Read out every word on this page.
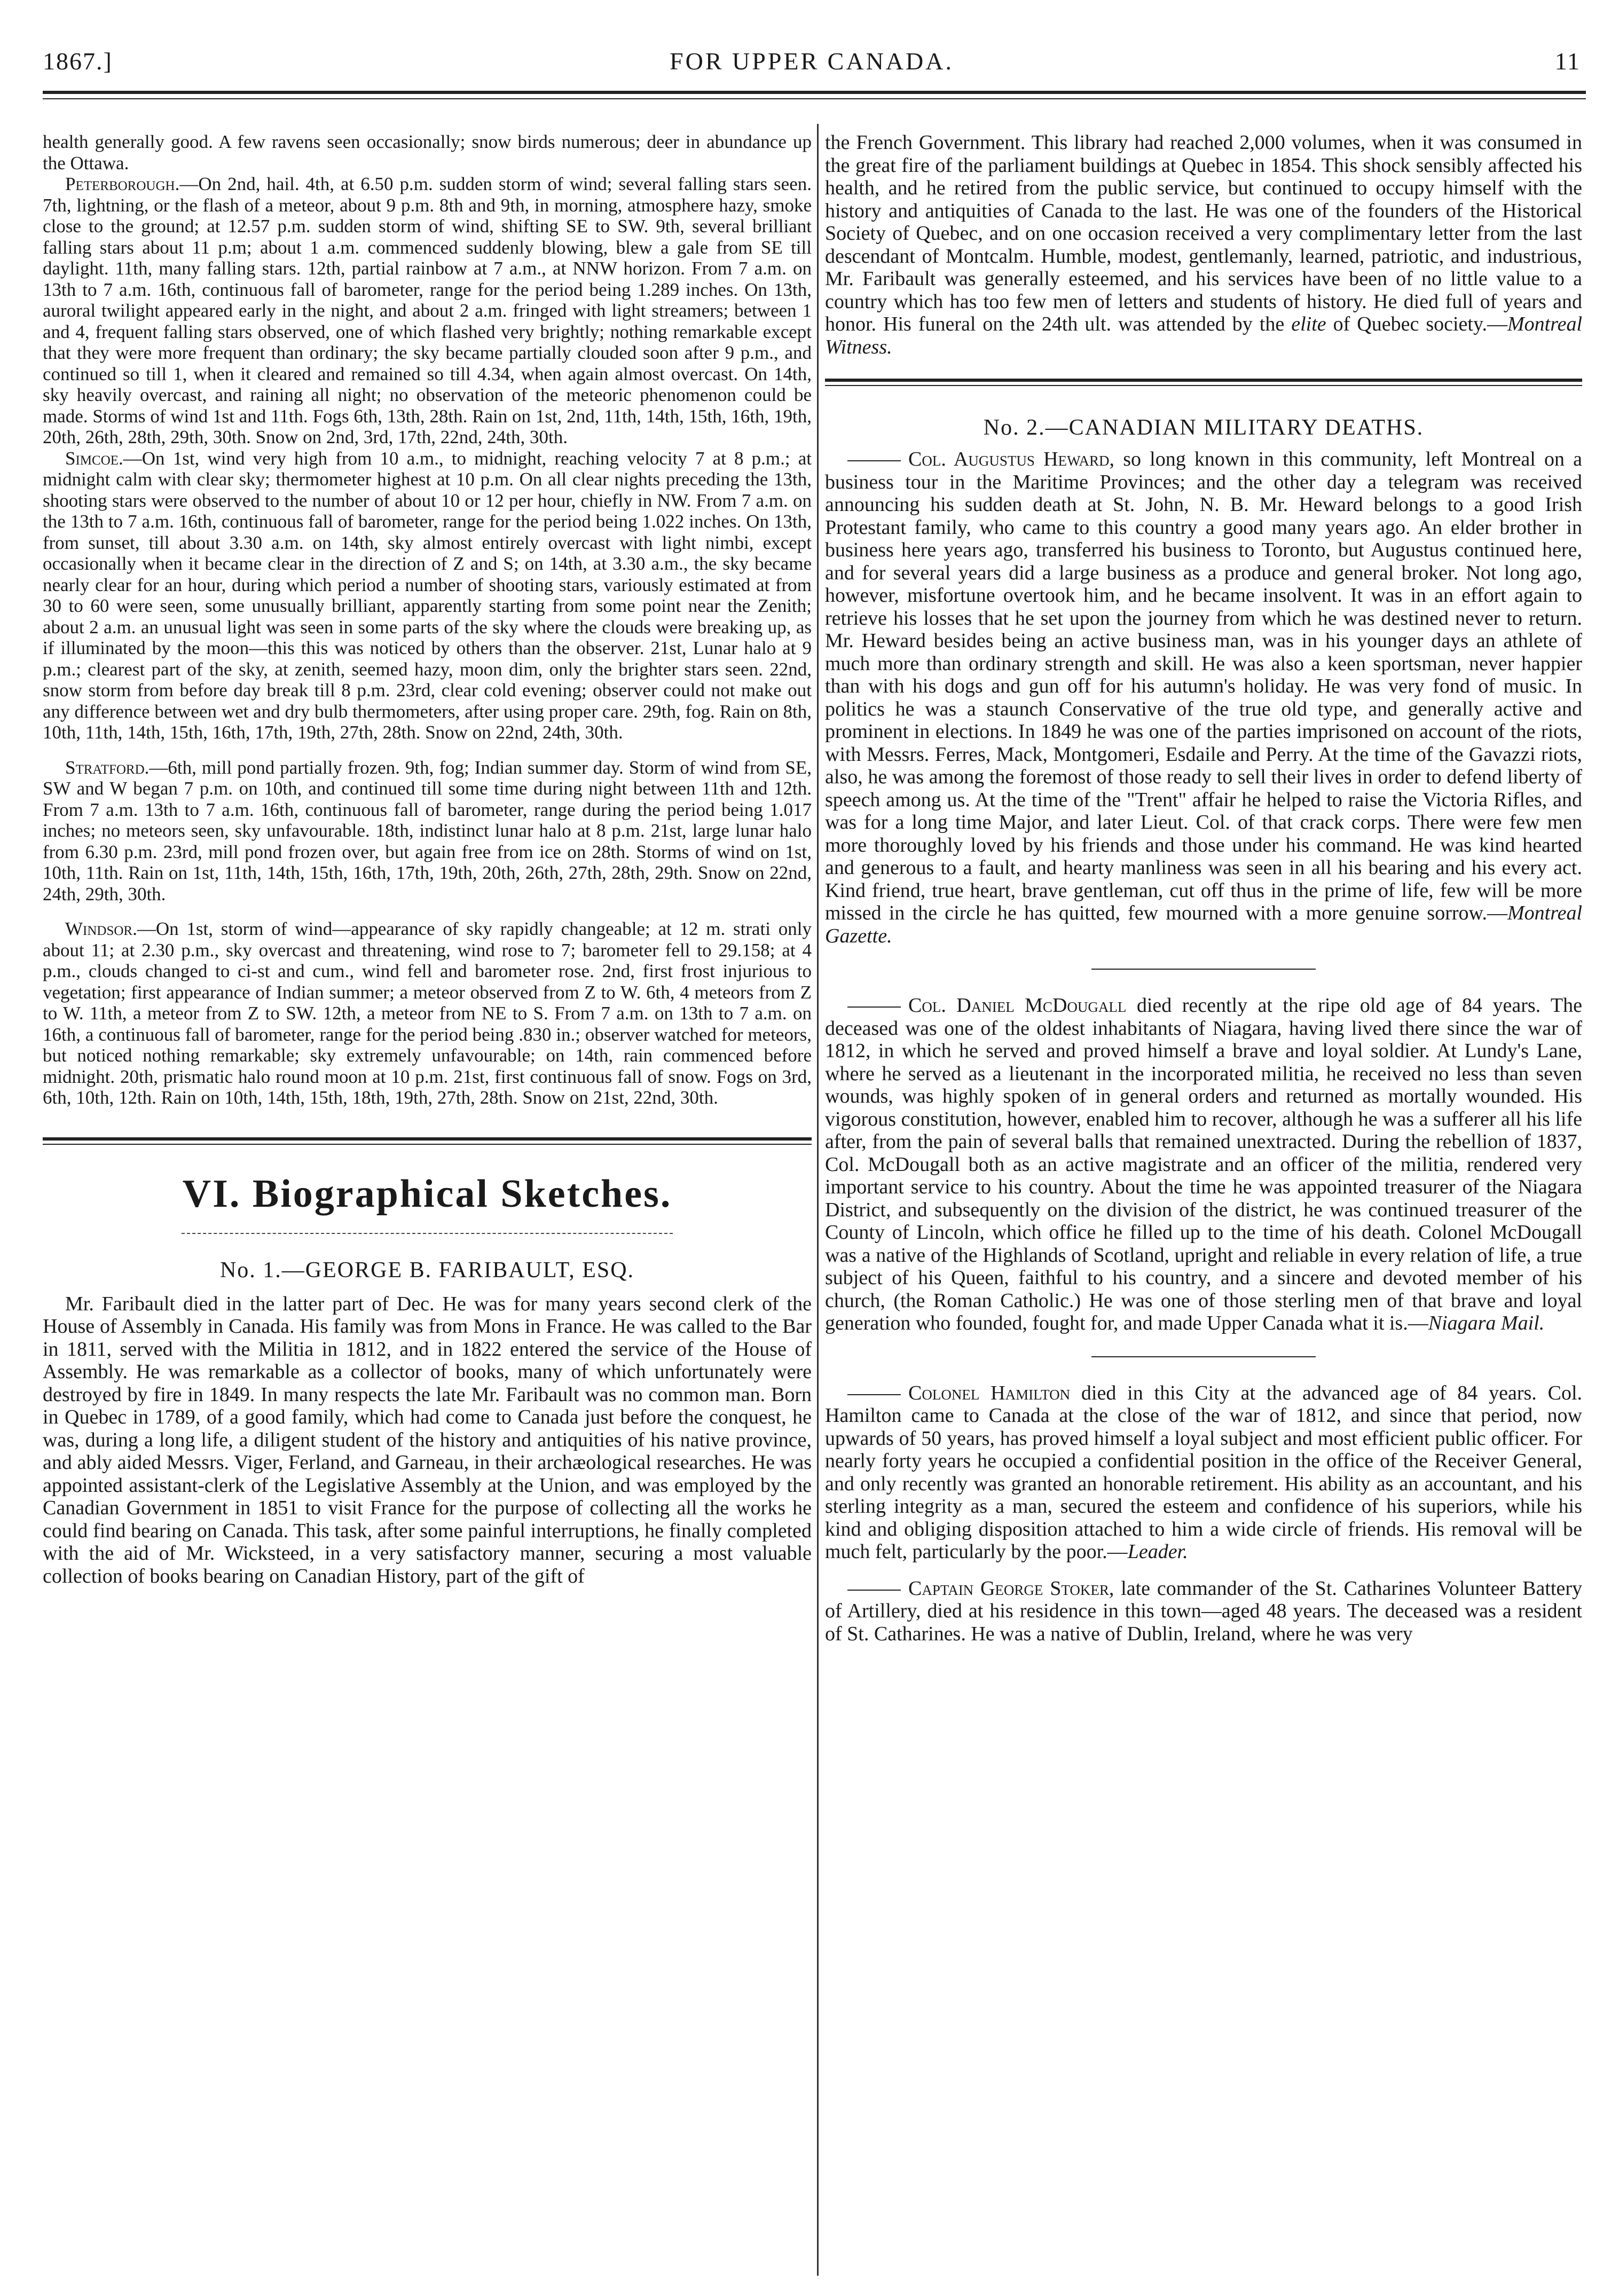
1867.]	FOR UPPER CANADA.	11

health generally good. A few ravens seen occasionally; snow birds numerous; deer in abundance up the Ottawa.

Peterborough.—On 2nd, hail. 4th, at 6.50 p.m. sudden storm of wind; several falling stars seen. 7th, lightning, or the flash of a meteor, about 9 p.m. 8th and 9th, in morning, atmosphere hazy, smoke close to the ground; at 12.57 p.m. sudden storm of wind, shifting SE to SW. 9th, several brilliant falling stars about 11 p.m; about 1 a.m. commenced suddenly blowing, blew a gale from SE till daylight. 11th, many falling stars. 12th, partial rainbow at 7 a.m., at NNW horizon. From 7 a.m. on 13th to 7 a.m. 16th, continuous fall of barometer, range for the period being 1.289 inches. On 13th, auroral twilight appeared early in the night, and about 2 a.m. fringed with light streamers; between 1 and 4, frequent falling stars observed, one of which flashed very brightly; nothing remarkable except that they were more frequent than ordinary; the sky became partially clouded soon after 9 p.m., and continued so till 1, when it cleared and remained so till 4.34, when again almost overcast. On 14th, sky heavily overcast, and raining all night; no observation of the meteoric phenomenon could be made. Storms of wind 1st and 11th. Fogs 6th, 13th, 28th. Rain on 1st, 2nd, 11th, 14th, 15th, 16th, 19th, 20th, 26th, 28th, 29th, 30th. Snow on 2nd, 3rd, 17th, 22nd, 24th, 30th.

Simcoe.—On 1st, wind very high from 10 a.m., to midnight, reaching velocity 7 at 8 p.m.; at midnight calm with clear sky; thermometer highest at 10 p.m. On all clear nights preceding the 13th, shooting stars were observed to the number of about 10 or 12 per hour, chiefly in NW. From 7 a.m. on the 13th to 7 a.m. 16th, continuous fall of barometer, range for the period being 1.022 inches. On 13th, from sunset, till about 3.30 a.m. on 14th, sky almost entirely overcast with light nimbi, except occasionally when it became clear in the direction of Z and S; on 14th, at 3.30 a.m., the sky became nearly clear for an hour, during which period a number of shooting stars, variously estimated at from 30 to 60 were seen, some unusually brilliant, apparently starting from some point near the Zenith; about 2 a.m. an unusual light was seen in some parts of the sky where the clouds were breaking up, as if illuminated by the moon—this this was noticed by others than the observer. 21st, Lunar halo at 9 p.m.; clearest part of the sky, at zenith, seemed hazy, moon dim, only the brighter stars seen. 22nd, snow storm from before day break till 8 p.m. 23rd, clear cold evening; observer could not make out any difference between wet and dry bulb thermometers, after using proper care. 29th, fog. Rain on 8th, 10th, 11th, 14th, 15th, 16th, 17th, 19th, 27th, 28th. Snow on 22nd, 24th, 30th.

Stratford.—6th, mill pond partially frozen. 9th, fog; Indian summer day. Storm of wind from SE, SW and W began 7 p.m. on 10th, and continued till some time during night between 11th and 12th. From 7 a.m. 13th to 7 a.m. 16th, continuous fall of barometer, range during the period being 1.017 inches; no meteors seen, sky unfavourable. 18th, indistinct lunar halo at 8 p.m. 21st, large lunar halo from 6.30 p.m. 23rd, mill pond frozen over, but again free from ice on 28th. Storms of wind on 1st, 10th, 11th. Rain on 1st, 11th, 14th, 15th, 16th, 17th, 19th, 20th, 26th, 27th, 28th, 29th. Snow on 22nd, 24th, 29th, 30th.

Windsor.—On 1st, storm of wind—appearance of sky rapidly changeable; at 12 m. strati only about 11; at 2.30 p.m., sky overcast and threatening, wind rose to 7; barometer fell to 29.158; at 4 p.m., clouds changed to ci-st and cum., wind fell and barometer rose. 2nd, first frost injurious to vegetation; first appearance of Indian summer; a meteor observed from Z to W. 6th, 4 meteors from Z to W. 11th, a meteor from Z to SW. 12th, a meteor from NE to S. From 7 a.m. on 13th to 7 a.m. on 16th, a continuous fall of barometer, range for the period being .830 in.; observer watched for meteors, but noticed nothing remarkable; sky extremely unfavourable; on 14th, rain commenced before midnight. 20th, prismatic halo round moon at 10 p.m. 21st, first continuous fall of snow. Fogs on 3rd, 6th, 10th, 12th. Rain on 10th, 14th, 15th, 18th, 19th, 27th, 28th. Snow on 21st, 22nd, 30th.

VI. Biographical Sketches.
No. 1.—GEORGE B. FARIBAULT, ESQ.

Mr. Faribault died in the latter part of Dec. He was for many years second clerk of the House of Assembly in Canada. His family was from Mons in France. He was called to the Bar in 1811, served with the Militia in 1812, and in 1822 entered the service of the House of Assembly. He was remarkable as a collector of books, many of which unfortunately were destroyed by fire in 1849. In many respects the late Mr. Faribault was no common man. Born in Quebec in 1789, of a good family, which had come to Canada just before the conquest, he was, during a long life, a diligent student of the history and antiquities of his native province, and ably aided Messrs. Viger, Ferland, and Garneau, in their archæological researches. He was appointed assistant-clerk of the Legislative Assembly at the Union, and was employed by the Canadian Government in 1851 to visit France for the purpose of collecting all the works he could find bearing on Canada. This task, after some painful interruptions, he finally completed with the aid of Mr. Wicksteed, in a very satisfactory manner, securing a most valuable collection of books bearing on Canadian History, part of the gift of

the French Government. This library had reached 2,000 volumes, when it was consumed in the great fire of the parliament buildings at Quebec in 1854. This shock sensibly affected his health, and he retired from the public service, but continued to occupy himself with the history and antiquities of Canada to the last. He was one of the founders of the Historical Society of Quebec, and on one occasion received a very complimentary letter from the last descendant of Montcalm. Humble, modest, gentlemanly, learned, patriotic, and industrious, Mr. Faribault was generally esteemed, and his services have been of no little value to a country which has too few men of letters and students of history. He died full of years and honor. His funeral on the 24th ult. was attended by the elite of Quebec society.—Montreal Witness.

No. 2.—CANADIAN MILITARY DEATHS.

Col. Augustus Heward, so long known in this community, left Montreal on a business tour in the Maritime Provinces; and the other day a telegram was received announcing his sudden death at St. John, N. B. Mr. Heward belongs to a good Irish Protestant family, who came to this country a good many years ago. An elder brother in business here years ago, transferred his business to Toronto, but Augustus continued here, and for several years did a large business as a produce and general broker. Not long ago, however, misfortune overtook him, and he became insolvent. It was in an effort again to retrieve his losses that he set upon the journey from which he was destined never to return. Mr. Heward besides being an active business man, was in his younger days an athlete of much more than ordinary strength and skill. He was also a keen sportsman, never happier than with his dogs and gun off for his autumn's holiday. He was very fond of music. In politics he was a staunch Conservative of the true old type, and generally active and prominent in elections. In 1849 he was one of the parties imprisoned on account of the riots, with Messrs. Ferres, Mack, Montgomeri, Esdaile and Perry. At the time of the Gavazzi riots, also, he was among the foremost of those ready to sell their lives in order to defend liberty of speech among us. At the time of the "Trent" affair he helped to raise the Victoria Rifles, and was for a long time Major, and later Lieut. Col. of that crack corps. There were few men more thoroughly loved by his friends and those under his command. He was kind hearted and generous to a fault, and hearty manliness was seen in all his bearing and his every act. Kind friend, true heart, brave gentleman, cut off thus in the prime of life, few will be more missed in the circle he has quitted, few mourned with a more genuine sorrow.—Montreal Gazette.

Col. Daniel McDougall died recently at the ripe old age of 84 years. The deceased was one of the oldest inhabitants of Niagara, having lived there since the war of 1812, in which he served and proved himself a brave and loyal soldier. At Lundy's Lane, where he served as a lieutenant in the incorporated militia, he received no less than seven wounds, was highly spoken of in general orders and returned as mortally wounded. His vigorous constitution, however, enabled him to recover, although he was a sufferer all his life after, from the pain of several balls that remained unextracted. During the rebellion of 1837, Col. McDougall both as an active magistrate and an officer of the militia, rendered very important service to his country. About the time he was appointed treasurer of the Niagara District, and subsequently on the division of the district, he was continued treasurer of the County of Lincoln, which office he filled up to the time of his death. Colonel McDougall was a native of the Highlands of Scotland, upright and reliable in every relation of life, a true subject of his Queen, faithful to his country, and a sincere and devoted member of his church, (the Roman Catholic.) He was one of those sterling men of that brave and loyal generation who founded, fought for, and made Upper Canada what it is.—Niagara Mail.

Colonel Hamilton died in this City at the advanced age of 84 years. Col. Hamilton came to Canada at the close of the war of 1812, and since that period, now upwards of 50 years, has proved himself a loyal subject and most efficient public officer. For nearly forty years he occupied a confidential position in the office of the Receiver General, and only recently was granted an honorable retirement. His ability as an accountant, and his sterling integrity as a man, secured the esteem and confidence of his superiors, while his kind and obliging disposition attached to him a wide circle of friends. His removal will be much felt, particularly by the poor.—Leader.

Captain George Stoker, late commander of the St. Catharines Volunteer Battery of Artillery, died at his residence in this town—aged 48 years. The deceased was a resident of St. Catharines. He was a native of Dublin, Ireland, where he was very
